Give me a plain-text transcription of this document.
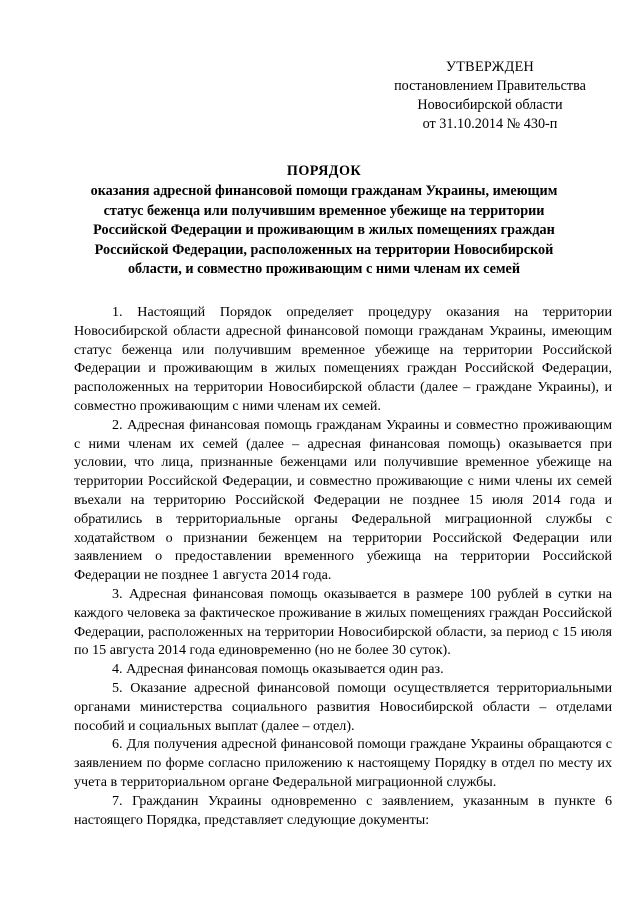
УТВЕРЖДЕН
постановлением Правительства
Новосибирской области
от 31.10.2014 № 430-п
ПОРЯДОК
оказания адресной финансовой помощи гражданам Украины, имеющим статус беженца или получившим временное убежище на территории Российской Федерации и проживающим в жилых помещениях граждан Российской Федерации, расположенных на территории Новосибирской области, и совместно проживающим с ними членам их семей

1. Настоящий Порядок определяет процедуру оказания на территории Новосибирской области адресной финансовой помощи гражданам Украины, имеющим статус беженца или получившим временное убежище на территории Российской Федерации и проживающим в жилых помещениях граждан Российской Федерации, расположенных на территории Новосибирской области (далее – граждане Украины), и совместно проживающим с ними членам их семей.

2. Адресная финансовая помощь гражданам Украины и совместно проживающим с ними членам их семей (далее – адресная финансовая помощь) оказывается при условии, что лица, признанные беженцами или получившие временное убежище на территории Российской Федерации, и совместно проживающие с ними члены их семей въехали на территорию Российской Федерации не позднее 15 июля 2014 года и обратились в территориальные органы Федеральной миграционной службы с ходатайством о признании беженцем на территории Российской Федерации или заявлением о предоставлении временного убежища на территории Российской Федерации не позднее 1 августа 2014 года.

3. Адресная финансовая помощь оказывается в размере 100 рублей в сутки на каждого человека за фактическое проживание в жилых помещениях граждан Российской Федерации, расположенных на территории Новосибирской области, за период с 15 июля по 15 августа 2014 года единовременно (но не более 30 суток).

4. Адресная финансовая помощь оказывается один раз.

5. Оказание адресной финансовой помощи осуществляется территориальными органами министерства социального развития Новосибирской области – отделами пособий и социальных выплат (далее – отдел).

6. Для получения адресной финансовой помощи граждане Украины обращаются с заявлением по форме согласно приложению к настоящему Порядку в отдел по месту их учета в территориальном органе Федеральной миграционной службы.

7. Гражданин Украины одновременно с заявлением, указанным в пункте 6 настоящего Порядка, представляет следующие документы:
